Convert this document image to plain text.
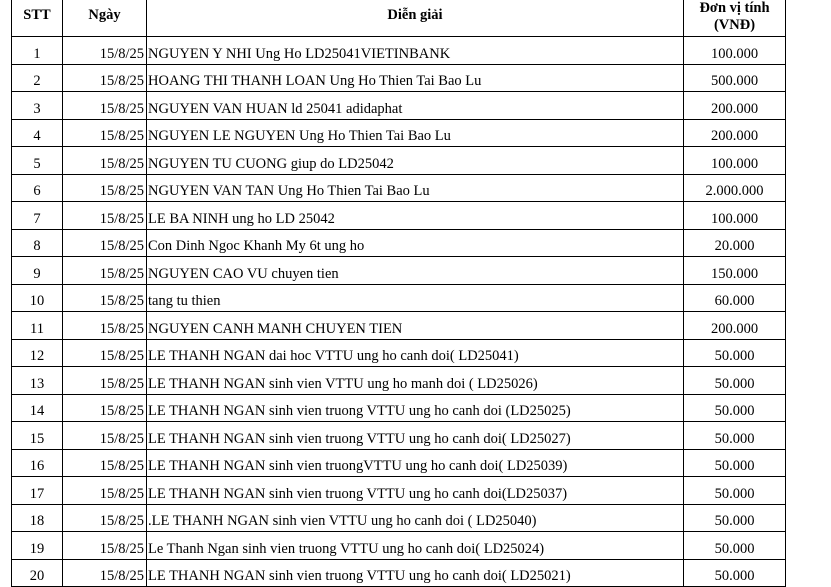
STT	Ngày	Diễn giải	Đơn vị tính
(VNĐ)

1	15/8/25	NGUYEN Y NHI Ung Ho LD25041VIETINBANK	100.000
2	15/8/25	HOANG THI THANH LOAN Ung Ho Thien Tai Bao Lu	500.000
3	15/8/25	NGUYEN VAN HUAN ld 25041 adidaphat	200.000
4	15/8/25	NGUYEN LE NGUYEN Ung Ho Thien Tai Bao Lu	200.000
5	15/8/25	NGUYEN TU CUONG giup do LD25042	100.000
6	15/8/25	NGUYEN VAN TAN Ung Ho Thien Tai Bao Lu	2.000.000
7	15/8/25	LE BA NINH ung ho LD 25042	100.000
8	15/8/25	Con Dinh Ngoc Khanh My 6t ung ho	20.000
9	15/8/25	NGUYEN CAO VU chuyen tien	150.000
10	15/8/25	tang tu thien	60.000
11	15/8/25	NGUYEN CANH MANH CHUYEN TIEN	200.000
12	15/8/25	LE THANH NGAN dai hoc VTTU ung ho canh doi( LD25041)	50.000
13	15/8/25	LE THANH NGAN sinh vien VTTU ung ho manh doi ( LD25026)	50.000
14	15/8/25	LE THANH NGAN sinh vien truong VTTU ung ho canh doi (LD25025)	50.000
15	15/8/25	LE THANH NGAN sinh vien truong VTTU ung ho canh doi( LD25027)	50.000
16	15/8/25	LE THANH NGAN sinh vien truongVTTU ung ho canh doi( LD25039)	50.000
17	15/8/25	LE THANH NGAN sinh vien truong VTTU ung ho canh doi(LD25037)	50.000
18	15/8/25	.LE THANH NGAN sinh vien VTTU ung ho canh doi ( LD25040)	50.000
19	15/8/25	Le Thanh Ngan sinh vien truong VTTU ung ho canh doi( LD25024)	50.000
20	15/8/25	LE THANH NGAN sinh vien truong VTTU ung ho canh doi( LD25021)	50.000
